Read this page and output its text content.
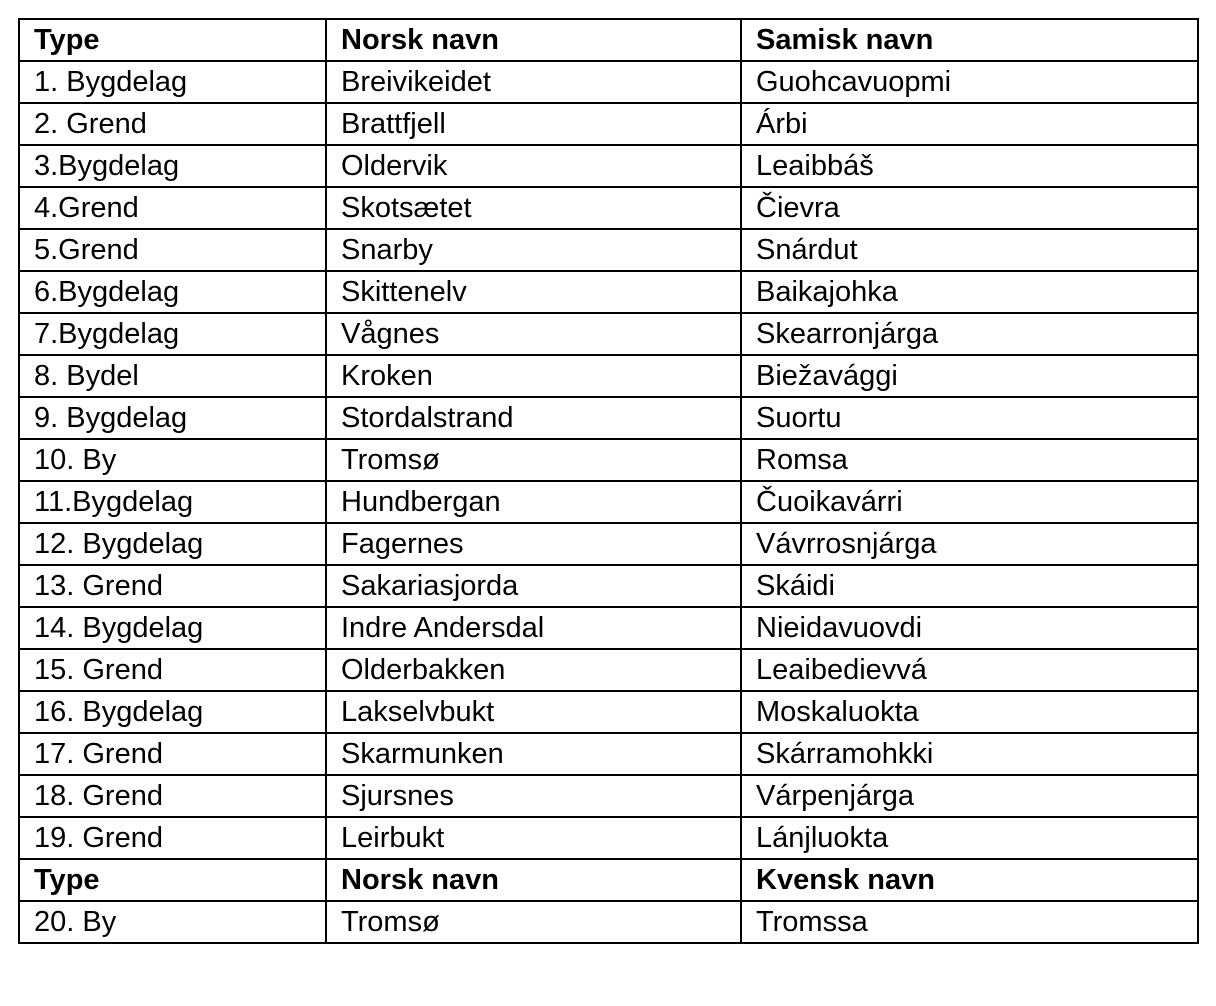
Type	Norsk navn	Samisk navn
1. Bygdelag	Breivikeidet	Guohcavuopmi
2. Grend	Brattfjell	Árbi
3.Bygdelag	Oldervik	Leaibbáš
4.Grend	Skotsætet	Čievra
5.Grend	Snarby	Snárdut
6.Bygdelag	Skittenelv	Baikajohka
7.Bygdelag	Vågnes	Skearronjárga
8. Bydel	Kroken	Biežavággi
9. Bygdelag	Stordalstrand	Suortu
10. By	Tromsø	Romsa
11.Bygdelag	Hundbergan	Čuoikavárri
12. Bygdelag	Fagernes	Vávrrosnjárga
13. Grend	Sakariasjorda	Skáidi
14. Bygdelag	Indre Andersdal	Nieidavuovdi
15. Grend	Olderbakken	Leaibedievvá
16. Bygdelag	Lakselvbukt	Moskaluokta
17. Grend	Skarmunken	Skárramohkki
18. Grend	Sjursnes	Várpenjárga
19. Grend	Leirbukt	Lánjluokta
Type	Norsk navn	Kvensk navn
20. By	Tromsø	Tromssa
